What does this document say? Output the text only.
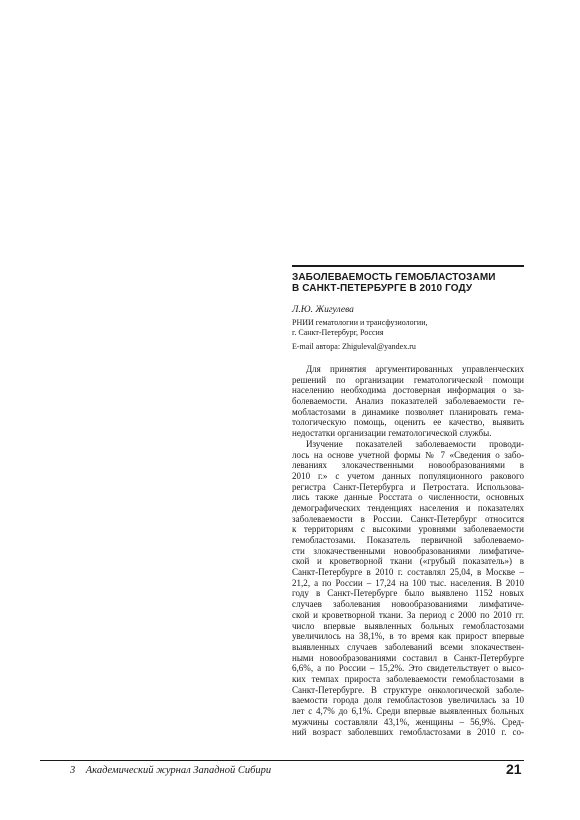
ЗАБОЛЕВАЕМОСТЬ ГЕМОБЛАСТОЗАМИ
В САНКТ-ПЕТЕРБУРГЕ В 2010 ГОДУ
Л.Ю. Жигулева
РНИИ гематологии и трансфузиологии,
г. Санкт-Петербург, Россия
E-mail автора: Zhiguleval@yandex.ru
Для принятия аргументированных управленческих
решений по организации гематологической помощи
населению необходима достоверная информация о за-
болеваемости. Анализ показателей заболеваемости ге-
мобластозами в динамике позволяет планировать гема-
тологическую помощь, оценить ее качество, выявить
недостатки организации гематологической службы.
Изучение показателей заболеваемости проводи-
лось на основе учетной формы № 7 «Сведения о забо-
леваниях злокачественными новообразованиями в
2010 г.» с учетом данных популяционного ракового
регистра Санкт-Петербурга и Петростата. Использова-
лись также данные Росстата о численности, основных
демографических тенденциях населения и показателях
заболеваемости в России. Санкт-Петербург относится
к территориям с высокими уровнями заболеваемости
гемобластозами. Показатель первичной заболеваемо-
сти злокачественными новообразованиями лимфатиче-
ской и кроветворной ткани («грубый показатель») в
Санкт-Петербурге в 2010 г. составлял 25,04, в Москве –
21,2, а по России – 17,24 на 100 тыс. населения. В 2010
году в Санкт-Петербурге было выявлено 1152 новых
случаев заболевания новообразованиями лимфатиче-
ской и кроветворной ткани. За период с 2000 по 2010 гг.
число впервые выявленных больных гемобластозами
увеличилось на 38,1%, в то время как прирост впервые
выявленных случаев заболеваний всеми злокачествен-
ными новообразованиями составил в Санкт-Петербурге
6,6%, а по России – 15,2%. Это свидетельствует о высо-
ких темпах прироста заболеваемости гемобластозами в
Санкт-Петербурге. В структуре онкологической заболе-
ваемости города доля гемобластозов увеличилась за 10
лет с 4,7% до 6,1%. Среди впервые выявленных больных
мужчины составляли 43,1%, женщины – 56,9%. Сред-
ний возраст заболевших гемобластозами в 2010 г. со-
3 Академический журнал Западной Сибири	21
